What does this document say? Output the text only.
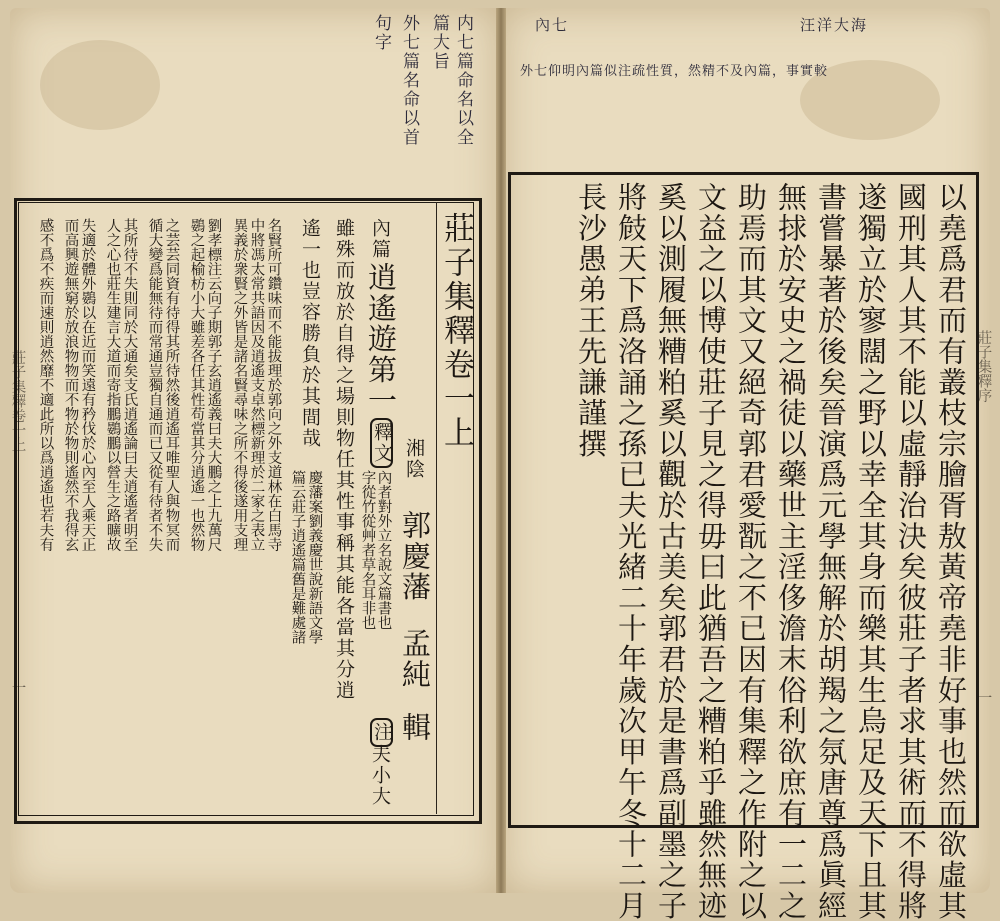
内七篇命名以全
篇大旨
外七篇名命以首
句字
莊子集釋卷一上
湘陰
郭慶藩
孟純
輯
內篇
逍遙遊第一
釋文
內者對外立名說文篇書也
字從竹從艸者草名耳非也
注
夫小大
雖殊而放於自得之場則物任其性事稱其能各當其分逍
遙一也豈容勝負於其間哉
慶藩案劉義慶世說新語文學
篇云莊子逍遙篇舊是難處諸
名賢所可鑽味而不能拔理於郭向之外支道林在白馬寺
中將馮太常共語因及逍遙支卓然標新理於二家之表立
異義於衆賢之外皆是諸名賢尋味之所不得後遂用支理
劉孝標注云向子期郭子玄逍遙義曰夫大鵬之上九萬尺
鷃之起榆枋小大雖差各任其性苟當其分逍遙一也然物
之芸芸同資有待得其所待然後逍遙耳唯聖人與物冥而
循大變爲能無待而常通豈獨自通而已又從有待者不失
其所待不失則同於大通矣支氏逍遙論曰夫逍遙者明至
人之心也莊生建言大道而寄指鵬鷃鵬以營生之路曠故
失適於體外鷃以在近而笑遠有矜伐於心內至人乘天正
而高興遊無窮於放浪物物而不物於物則遙然不我得玄
感不爲不疾而速則逍然靡不適此所以爲逍遙也若夫有
莊子集釋卷一上
一
內七	汪洋大海
外七仰明內篇似注疏性質，然精不及內篇，事實較
以堯爲君而有叢枝宗膾胥敖黃帝堯非好事也然而欲虛其
國刑其人其不能以虛靜治決矣彼莊子者求其術而不得將
遂獨立於寥闊之野以幸全其身而樂其生烏足及天下且其
書嘗暴著於後矣晉演爲元學無解於胡羯之氛唐尊爲眞經
無捄於安史之禍徒以藥世主淫侈澹末俗利欲庶有一二之
助焉而其文又絕奇郭君愛翫之不已因有集釋之作附之以
文益之以博使莊子見之得毋曰此猶吾之糟粕乎雖然無迹
奚以測履無糟粕奚以觀於古美矣郭君於是書爲副墨之子
將㩻天下爲洛誦之孫已夫光緒二十年歲次甲午冬十二月
長沙愚弟王先謙謹撰	莊子集釋序
一
